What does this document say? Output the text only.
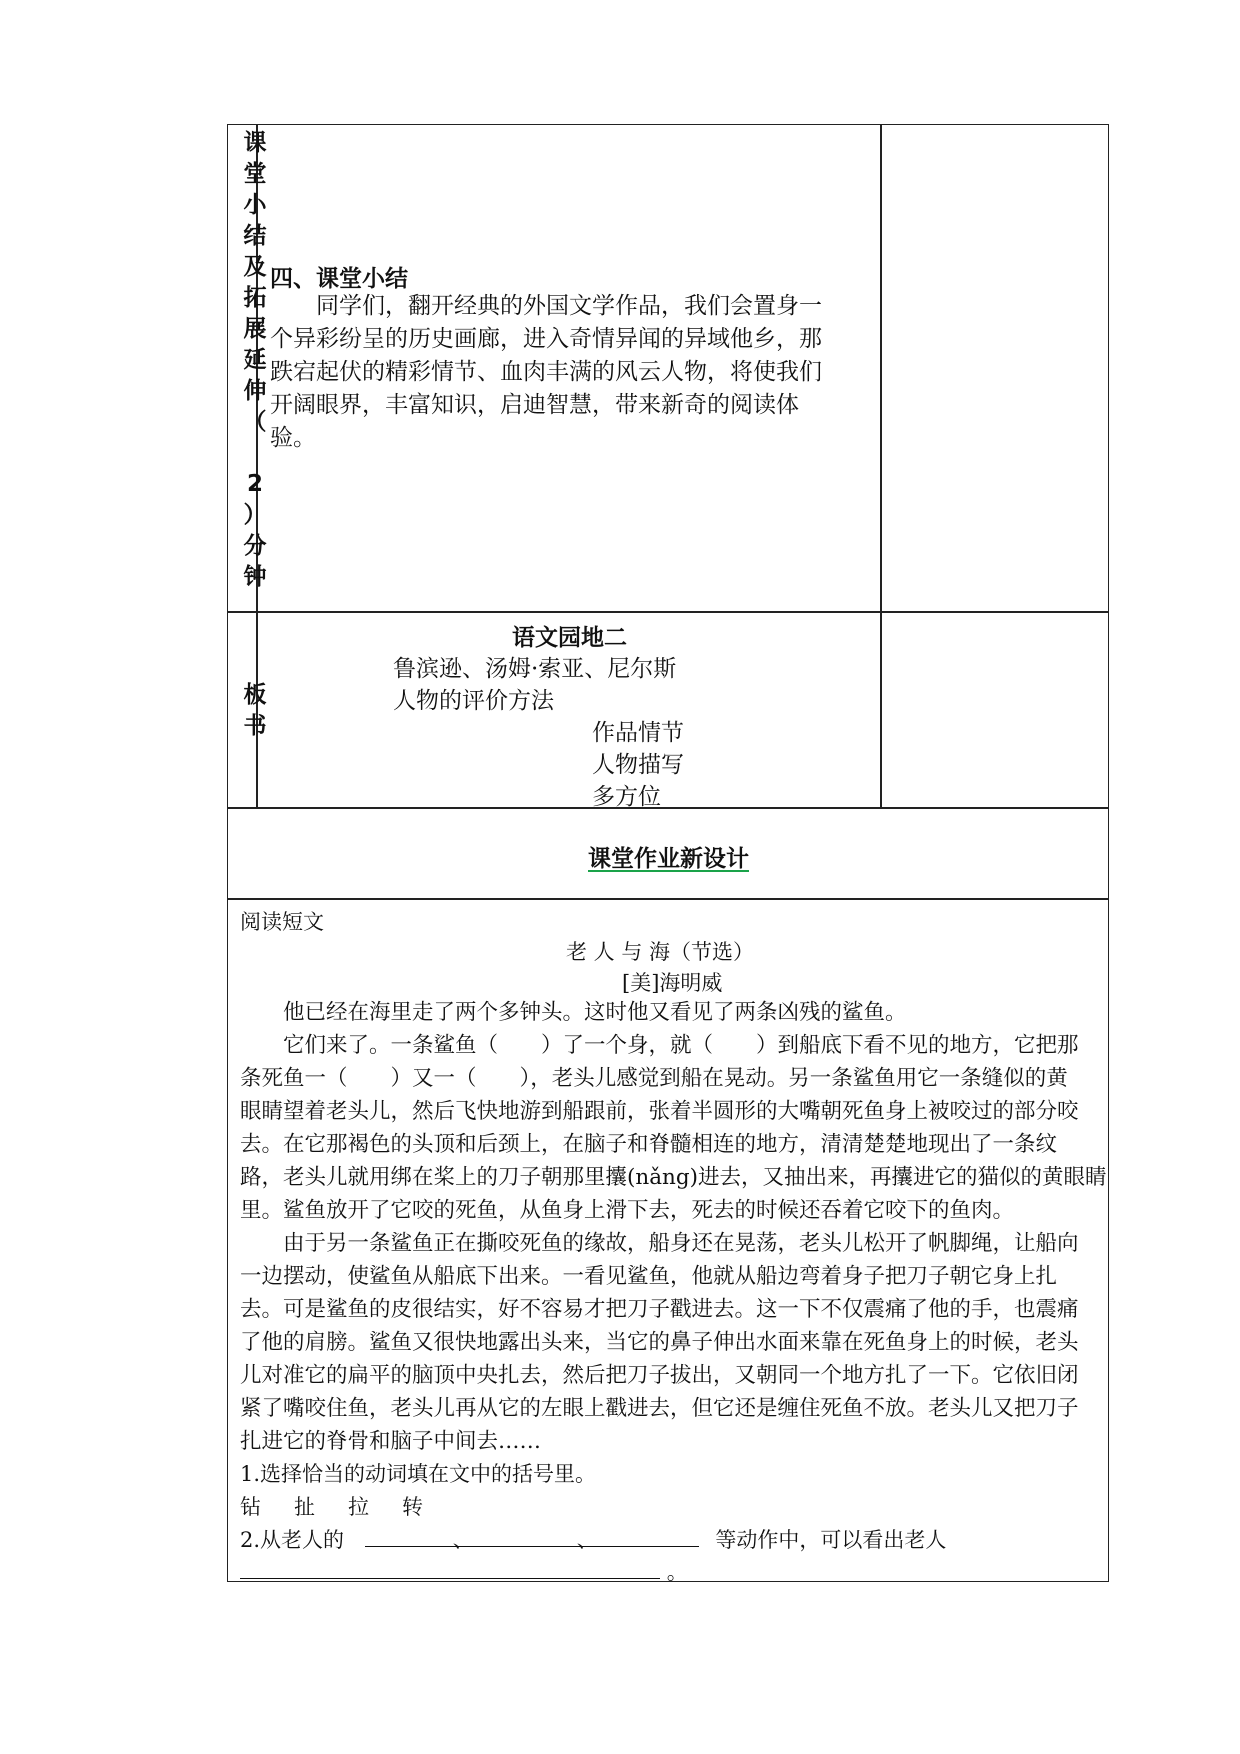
课
堂
小
结
及
拓
展
延
伸
（

2
）
分
钟
四、课堂小结
　　同学们，翻开经典的外国文学作品，我们会置身一
个异彩纷呈的历史画廊，进入奇情异闻的异域他乡，那
跌宕起伏的精彩情节、血肉丰满的风云人物，将使我们
开阔眼界，丰富知识，启迪智慧，带来新奇的阅读体
验。
板
书
语文园地二
鲁滨逊、汤姆·索亚、尼尔斯
人物的评价方法
作品情节
人物描写
多方位
课堂作业新设计
阅读短文
老 人 与 海（节选）
[美]海明威
　　他已经在海里走了两个多钟头。这时他又看见了两条凶残的鲨鱼。
　　它们来了。一条鲨鱼（　　）了一个身，就（　　）到船底下看不见的地方，它把那
条死鱼一（　　）又一（　　），老头儿感觉到船在晃动。另一条鲨鱼用它一条缝似的黄
眼睛望着老头儿，然后飞快地游到船跟前，张着半圆形的大嘴朝死鱼身上被咬过的部分咬
去。在它那褐色的头顶和后颈上，在脑子和脊髓相连的地方，清清楚楚地现出了一条纹
路，老头儿就用绑在桨上的刀子朝那里攮(nǎng)进去，又抽出来，再攮进它的猫似的黄眼睛
里。鲨鱼放开了它咬的死鱼，从鱼身上滑下去，死去的时候还吞着它咬下的鱼肉。
　　由于另一条鲨鱼正在撕咬死鱼的缘故，船身还在晃荡，老头儿松开了帆脚绳，让船向
一边摆动，使鲨鱼从船底下出来。一看见鲨鱼，他就从船边弯着身子把刀子朝它身上扎
去。可是鲨鱼的皮很结实，好不容易才把刀子戳进去。这一下不仅震痛了他的手，也震痛
了他的肩膀。鲨鱼又很快地露出头来，当它的鼻子伸出水面来靠在死鱼身上的时候，老头
儿对准它的扁平的脑顶中央扎去，然后把刀子拔出，又朝同一个地方扎了一下。它依旧闭
紧了嘴咬住鱼，老头儿再从它的左眼上戳进去，但它还是缠住死鱼不放。老头儿又把刀子
扎进它的脊骨和脑子中间去……
1.选择恰当的动词填在文中的括号里。
钻　扯　拉　转
2.从老人的	、	、	等动作中，可以看出老人
。
